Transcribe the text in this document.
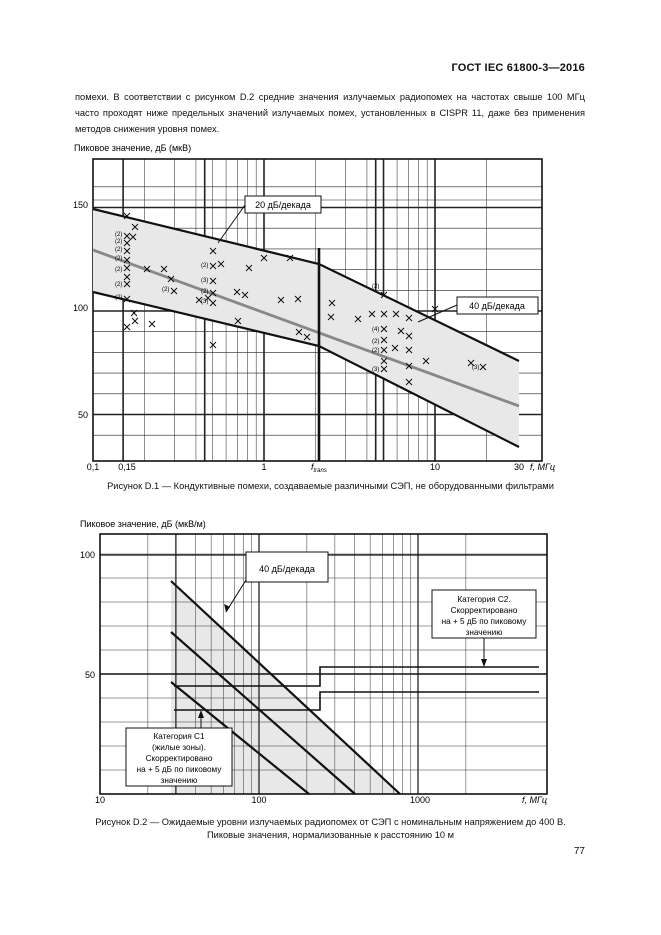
ГОСТ IEC 61800-3—2016
помехи. В соответствии с рисунком D.2 средние значения излучаемых радиопомех на частотах свыше 100 МГц часто проходят ниже предельных значений излучаемых помех, установленных в CISPR 11, даже без применения методов снижения уровня помех.
(2)
(2)
(2)
(2)
(2)
(2)
(2)
(2)
(3)
(2)
(3)
(2)	(2)
(4)
(2)
(2)
(3)	(3)
Пиковое значение, дБ (мкВ)
150
100
50
0,1 0,15	1	10	30 f, МГц
$f_{trans}$
20 дБ/декада
40 дБ/декада
Рисунок D.1 — Кондуктивные помехи, создаваемые различными СЭП, не оборудованными фильтрами
Пиковое значение, дБ (мкВ/м)
100
50
10	100	1000	f, МГц
40 дБ/декада
Категория С2.
Скорректировано
на + 5 дБ по пиковому
значению
Категория С1
(жилые зоны).
Скорректировано
на + 5 дБ по пиковому
значению
Рисунок D.2 — Ожидаемые уровни излучаемых радиопомех от СЭП с номинальным напряжением до 400 В.
Пиковые значения, нормализованные к расстоянию 10 м
77
